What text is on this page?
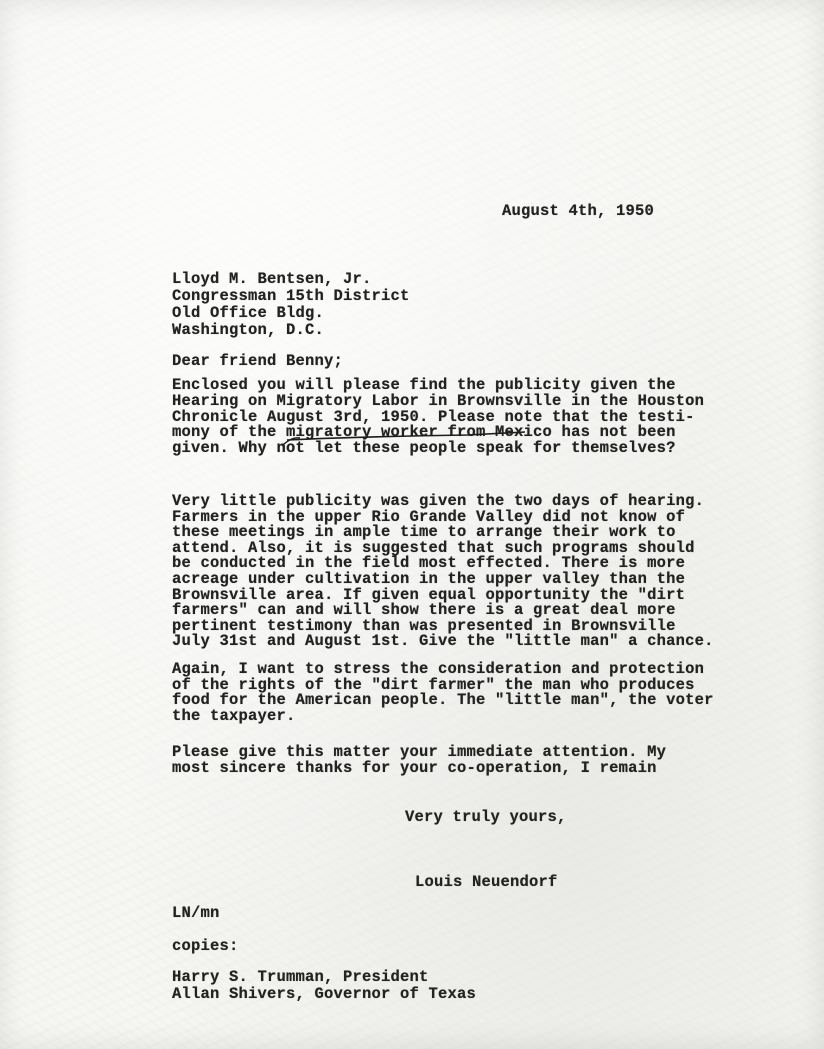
August 4th, 1950
Lloyd M. Bentsen, Jr.
Congressman 15th District
Old Office Bldg.
Washington, D.C.
Dear friend Benny;
Enclosed you will please find the publicity given the
Hearing on Migratory Labor in Brownsville in the Houston
Chronicle August 3rd, 1950. Please note that the testi-
mony of the migratory worker from Mexico has not been
given. Why not let these people speak for themselves?
Very little publicity was given the two days of hearing.
Farmers in the upper Rio Grande Valley did not know of
these meetings in ample time to arrange their work to
attend. Also, it is suggested that such programs should
be conducted in the field most effected. There is more
acreage under cultivation in the upper valley than the
Brownsville area. If given equal opportunity the "dirt
farmers" can and will show there is a great deal more
pertinent testimony than was presented in Brownsville
July 31st and August 1st. Give the "little man" a chance.
Again, I want to stress the consideration and protection
of the rights of the "dirt farmer" the man who produces
food for the American people. The "little man", the voter
the taxpayer.
Please give this matter your immediate attention. My
most sincere thanks for your co-operation, I remain
Very truly yours,
Louis Neuendorf
LN/mn
copies:
Harry S. Trumman, President
Allan Shivers, Governor of Texas
